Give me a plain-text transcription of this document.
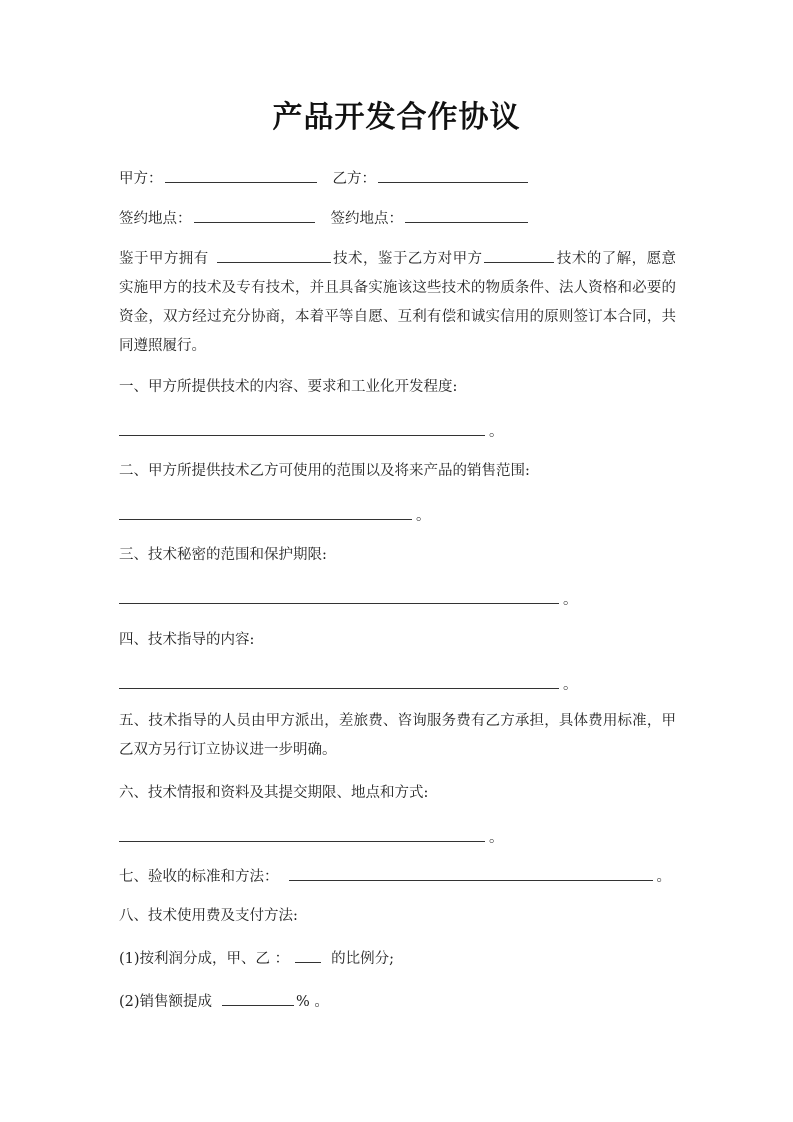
产品开发合作协议
甲方：	乙方：
签约地点：	签约地点：
鉴于甲方拥有	技术，鉴于乙方对甲方	技术的了解，愿意实施甲方的技术及专有技术，并且具备实施该这些技术的物质条件、法人资格和必要的资金，双方经过充分协商，本着平等自愿、互利有偿和诚实信用的原则签订本合同，共同遵照履行。
一、甲方所提供技术的内容、要求和工业化开发程度:
。
二、甲方所提供技术乙方可使用的范围以及将来产品的销售范围:
。
三、技术秘密的范围和保护期限:
。
四、技术指导的内容:
。
五、技术指导的人员由甲方派出，差旅费、咨询服务费有乙方承担，具体费用标准，甲乙双方另行订立协议进一步明确。
六、技术情报和资料及其提交期限、地点和方式:
。
七、验收的标准和方法：	。
八、技术使用费及支付方法:
(1)按利润分成，甲、乙 ：	的比例分;
(2)销售额提成	% 。
